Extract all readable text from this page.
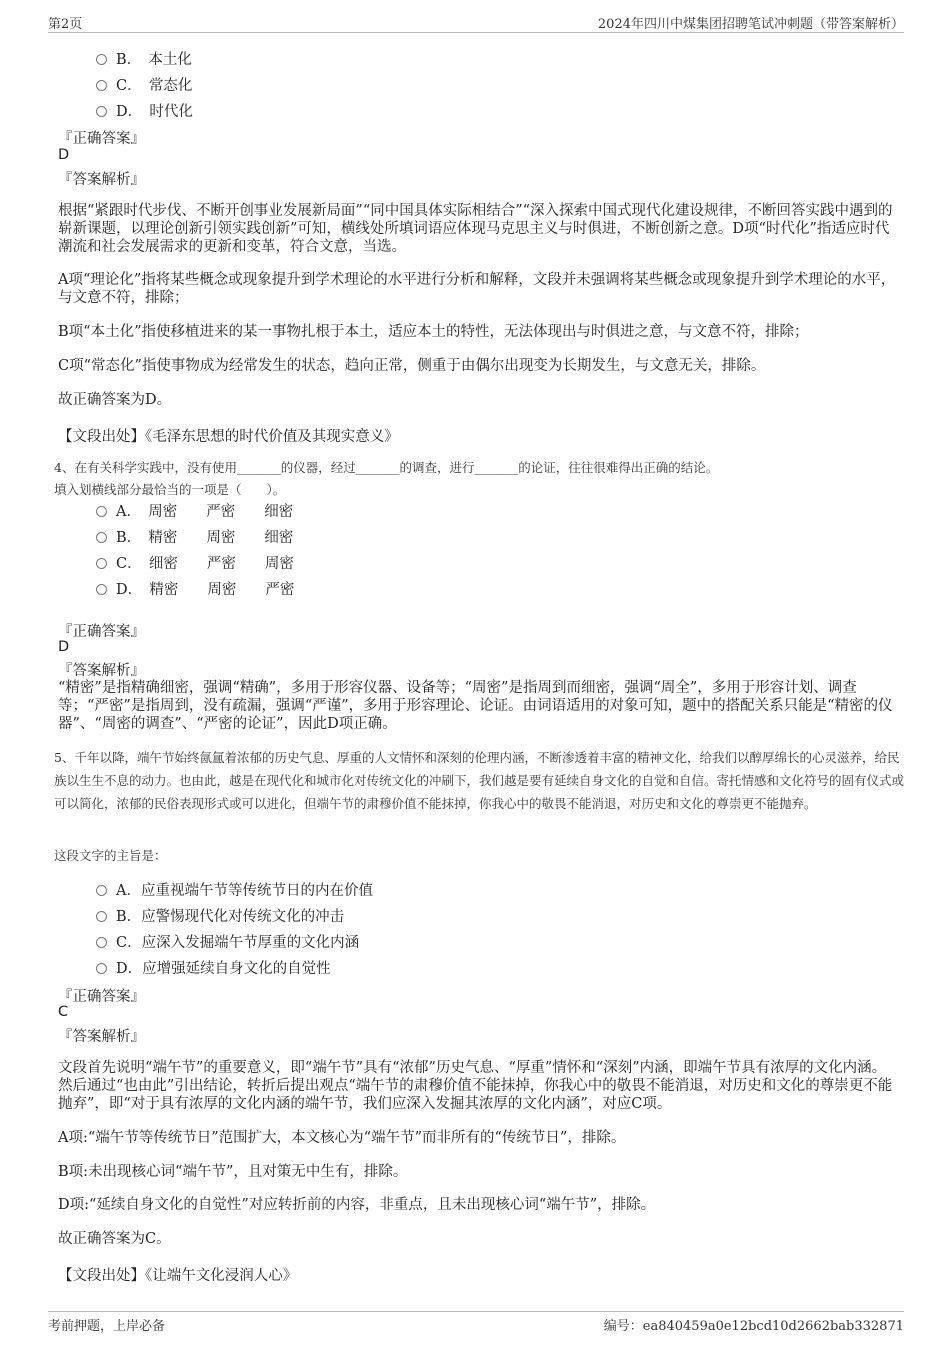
第2页	2024年四川中煤集团招聘笔试冲刺题（带答案解析）
B．　本土化
C．　常态化
D．　时代化
『正确答案』
D
『答案解析』
根据“紧跟时代步伐、不断开创事业发展新局面”“同中国具体实际相结合”“深入探索中国式现代化建设规律，不断回答实践中遇到的崭新课题，以理论创新引领实践创新”可知，横线处所填词语应体现马克思主义与时俱进，不断创新之意。D项“时代化”指适应时代潮流和社会发展需求的更新和变革，符合文意，当选。
A项“理论化”指将某些概念或现象提升到学术理论的水平进行分析和解释，文段并未强调将某些概念或现象提升到学术理论的水平，与文意不符，排除；
B项“本土化”指使移植进来的某一事物扎根于本土，适应本土的特性，无法体现出与时俱进之意，与文意不符，排除；
C项“常态化”指使事物成为经常发生的状态，趋向正常，侧重于由偶尔出现变为长期发生，与文意无关，排除。
故正确答案为D。
【文段出处】《毛泽东思想的时代价值及其现实意义》
4、在有关科学实践中，没有使用_______的仪器，经过_______的调查，进行_______的论证，往往很难得出正确的结论。
填入划横线部分最恰当的一项是（　　）。
A．　周密　　严密　　细密
B．　精密　　周密　　细密
C．　细密　　严密　　周密
D．　精密　　周密　　严密
『正确答案』
D
『答案解析』
“精密”是指精确细密，强调“精确”，多用于形容仪器、设备等；“周密”是指周到而细密，强调“周全”，多用于形容计划、调查等；“严密”是指周到，没有疏漏，强调“严谨”，多用于形容理论、论证。由词语适用的对象可知，题中的搭配关系只能是“精密的仪器”、“周密的调查”、“严密的论证”，因此D项正确。
5、千年以降，端午节始终氤氲着浓郁的历史气息、厚重的人文情怀和深刻的伦理内涵，不断渗透着丰富的精神文化，给我们以醇厚绵长的心灵滋养，给民族以生生不息的动力。也由此，越是在现代化和城市化对传统文化的冲刷下，我们越是要有延续自身文化的自觉和自信。寄托情感和文化符号的固有仪式或可以简化，浓郁的民俗表现形式或可以进化，但端午节的肃穆价值不能抹掉，你我心中的敬畏不能消退，对历史和文化的尊崇更不能抛弃。
这段文字的主旨是：
A．应重视端午节等传统节日的内在价值
B．应警惕现代化对传统文化的冲击
C．应深入发掘端午节厚重的文化内涵
D．应增强延续自身文化的自觉性
『正确答案』
C
『答案解析』
文段首先说明“端午节”的重要意义，即“端午节”具有“浓郁”历史气息、“厚重”情怀和“深刻”内涵，即端午节具有浓厚的文化内涵。然后通过“也由此”引出结论，转折后提出观点“端午节的肃穆价值不能抹掉，你我心中的敬畏不能消退，对历史和文化的尊崇更不能抛弃”，即“对于具有浓厚的文化内涵的端午节，我们应深入发掘其浓厚的文化内涵”，对应C项。
A项:“端午节等传统节日”范围扩大，本文核心为“端午节”而非所有的“传统节日”，排除。
B项:未出现核心词“端午节”，且对策无中生有，排除。
D项:“延续自身文化的自觉性”对应转折前的内容，非重点，且未出现核心词“端午节”，排除。
故正确答案为C。
【文段出处】《让端午文化浸润人心》
考前押题，上岸必备	编号：ea840459a0e12bcd10d2662bab332871
